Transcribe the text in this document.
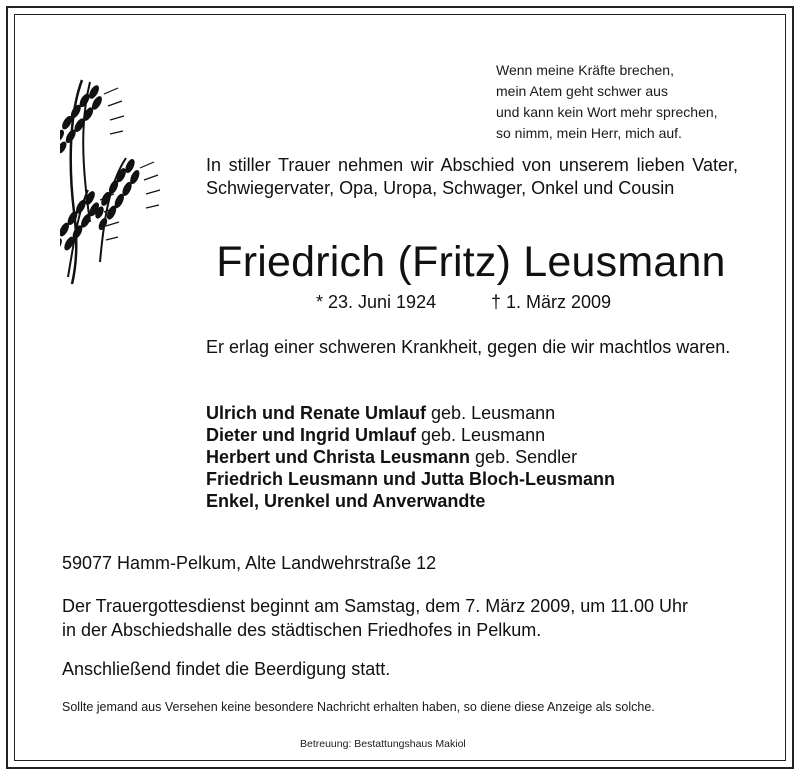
Wenn meine Kräfte brechen,
mein Atem geht schwer aus
und kann kein Wort mehr sprechen,
so nimm, mein Herr, mich auf.
In stiller Trauer nehmen wir Abschied von unserem lieben Vater, Schwiegervater, Opa, Uropa, Schwager, Onkel und Cousin
Friedrich (Fritz) Leusmann
* 23. Juni 1924	† 1. März 2009
Er erlag einer schweren Krankheit, gegen die wir machtlos waren.
Ulrich und Renate Umlauf geb. Leusmann
Dieter und Ingrid Umlauf geb. Leusmann
Herbert und Christa Leusmann geb. Sendler
Friedrich Leusmann und Jutta Bloch-Leusmann
Enkel, Urenkel und Anverwandte
59077 Hamm-Pelkum, Alte Landwehrstraße 12
Der Trauergottesdienst beginnt am Samstag, dem 7. März 2009, um 11.00 Uhr
in der Abschiedshalle des städtischen Friedhofes in Pelkum.
Anschließend findet die Beerdigung statt.
Sollte jemand aus Versehen keine besondere Nachricht erhalten haben, so diene diese Anzeige als solche.
Betreuung: Bestattungshaus Makiol
